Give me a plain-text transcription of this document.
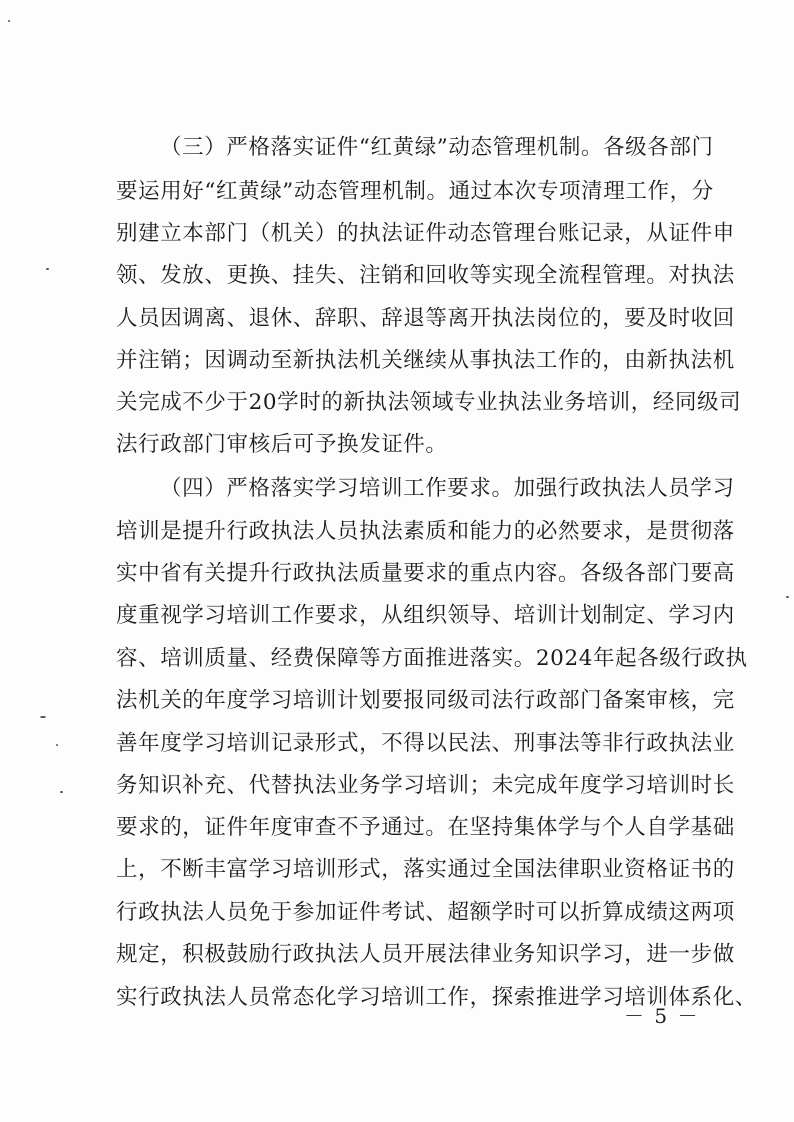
（三）严格落实证件“红黄绿”动态管理机制。各级各部门
要运用好“红黄绿”动态管理机制。通过本次专项清理工作，分
别建立本部门（机关）的执法证件动态管理台账记录，从证件申
领、发放、更换、挂失、注销和回收等实现全流程管理。对执法
人员因调离、退休、辞职、辞退等离开执法岗位的，要及时收回
并注销；因调动至新执法机关继续从事执法工作的，由新执法机
关完成不少于20学时的新执法领域专业执法业务培训，经同级司
法行政部门审核后可予换发证件。
（四）严格落实学习培训工作要求。加强行政执法人员学习
培训是提升行政执法人员执法素质和能力的必然要求，是贯彻落
实中省有关提升行政执法质量要求的重点内容。各级各部门要高
度重视学习培训工作要求，从组织领导、培训计划制定、学习内
容、培训质量、经费保障等方面推进落实。2024年起各级行政执
法机关的年度学习培训计划要报同级司法行政部门备案审核，完
善年度学习培训记录形式，不得以民法、刑事法等非行政执法业
务知识补充、代替执法业务学习培训；未完成年度学习培训时长
要求的，证件年度审查不予通过。在坚持集体学与个人自学基础
上，不断丰富学习培训形式，落实通过全国法律职业资格证书的
行政执法人员免于参加证件考试、超额学时可以折算成绩这两项
规定，积极鼓励行政执法人员开展法律业务知识学习，进一步做
实行政执法人员常态化学习培训工作，探索推进学习培训体系化、
－ 5 －
